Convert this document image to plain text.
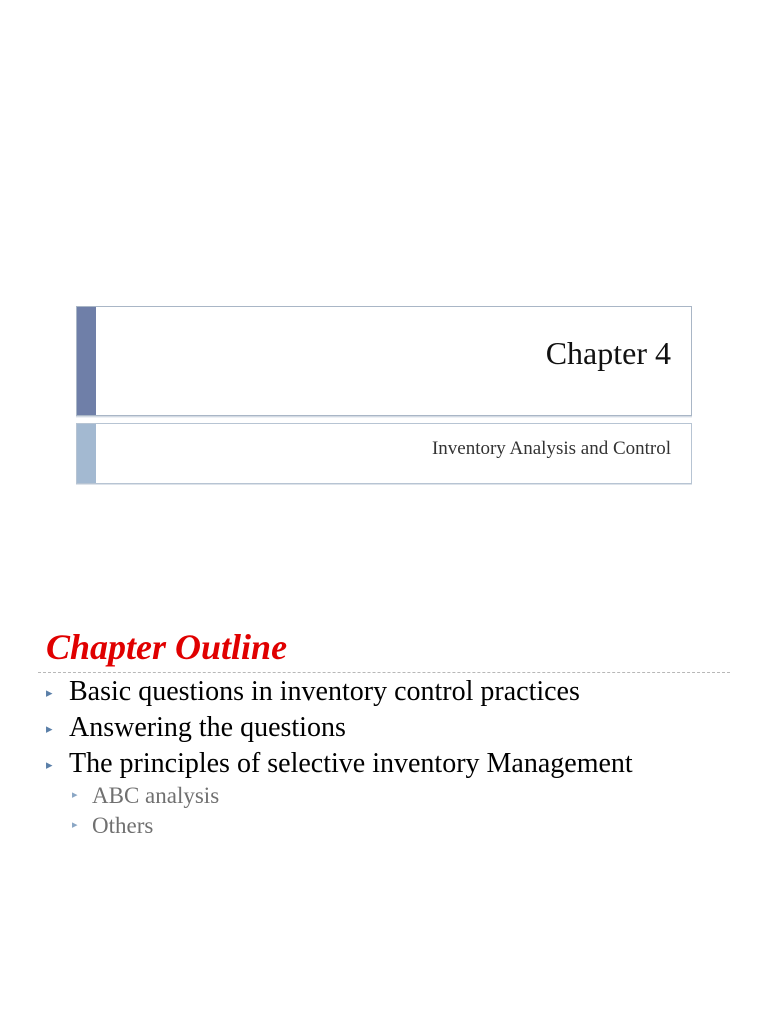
Chapter 4
Inventory Analysis and Control
Chapter Outline
▸ Basic questions in inventory control practices
▸ Answering the questions
▸ The principles of selective inventory Management
▸ ABC analysis
▸ Others
